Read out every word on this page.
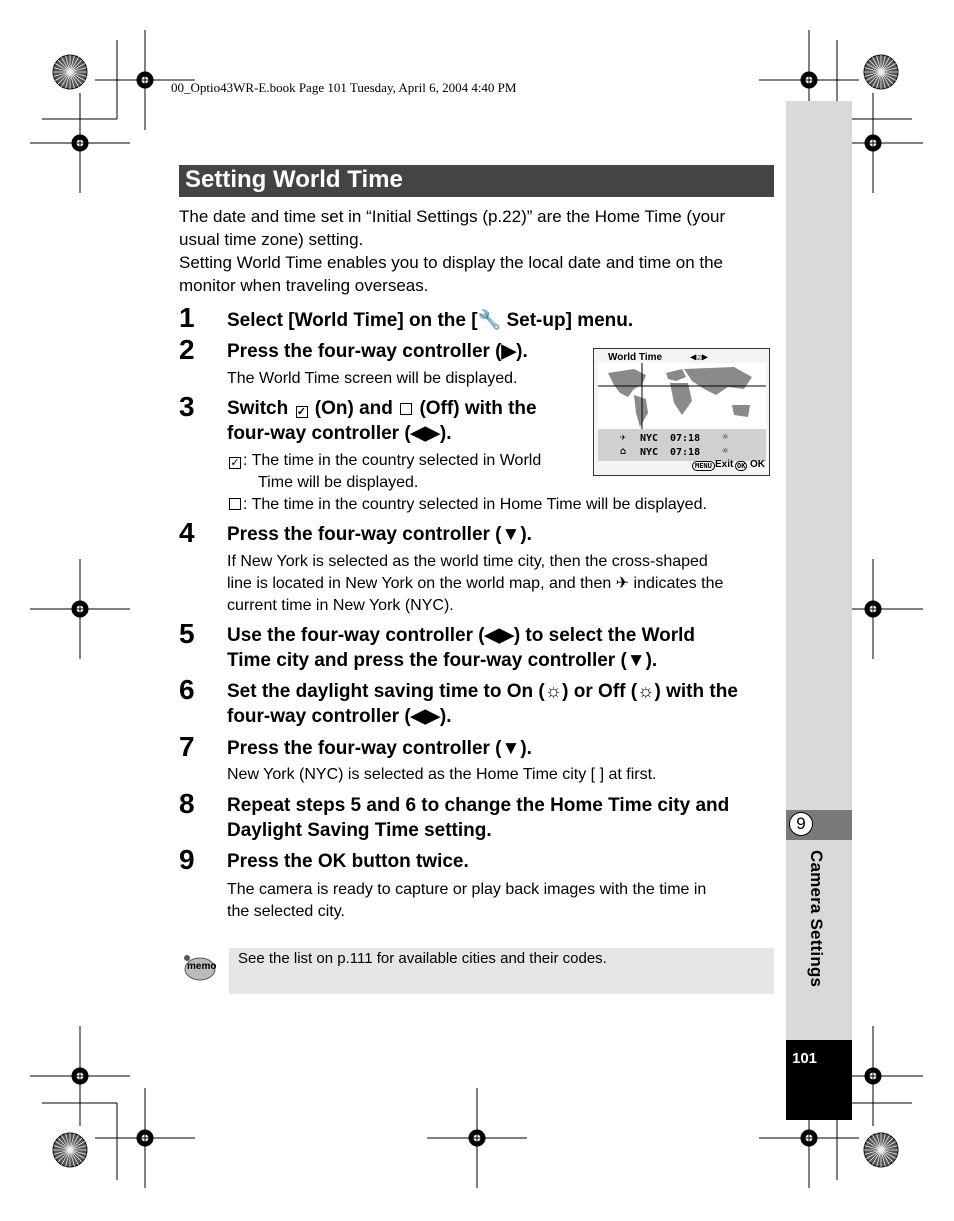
00_Optio43WR-E.book Page 101 Tuesday, April 6, 2004 4:40 PM
9
Camera Settings
101
Setting World Time
The date and time set in “Initial Settings (p.22)” are the Home Time (your
usual time zone) setting.
Setting World Time enables you to display the local date and time on the
monitor when traveling overseas.
1 Select [World Time] on the [🔧 Set-up] menu.
2 Press the four-way controller (▶).
The World Time screen will be displayed.
3 Switch ✓ (On) and  (Off) with the
four-way controller (◀▶).
✓ : The time in the country selected in World
Time will be displayed.
: The time in the country selected in Home Time will be displayed.
World Time	◀☑▶
✈ NYC 07:18 ☼
⌂ NYC 07:18 ☼
MENU Exit OK OK
4 Press the four-way controller (▼).
If New York is selected as the world time city, then the cross-shaped
line is located in New York on the world map, and then ✈ indicates the
current time in New York (NYC).
5 Use the four-way controller (◀▶) to select the World
Time city and press the four-way controller (▼).
6 Set the daylight saving time to On (☼) or Off (☼) with the
four-way controller (◀▶).
7 Press the four-way controller (▼).
New York (NYC) is selected as the Home Time city [ ] at first.
8 Repeat steps 5 and 6 to change the Home Time city and
Daylight Saving Time setting.
9 Press the OK button twice.
The camera is ready to capture or play back images with the time in
the selected city.
memo See the list on p.111 for available cities and their codes.
